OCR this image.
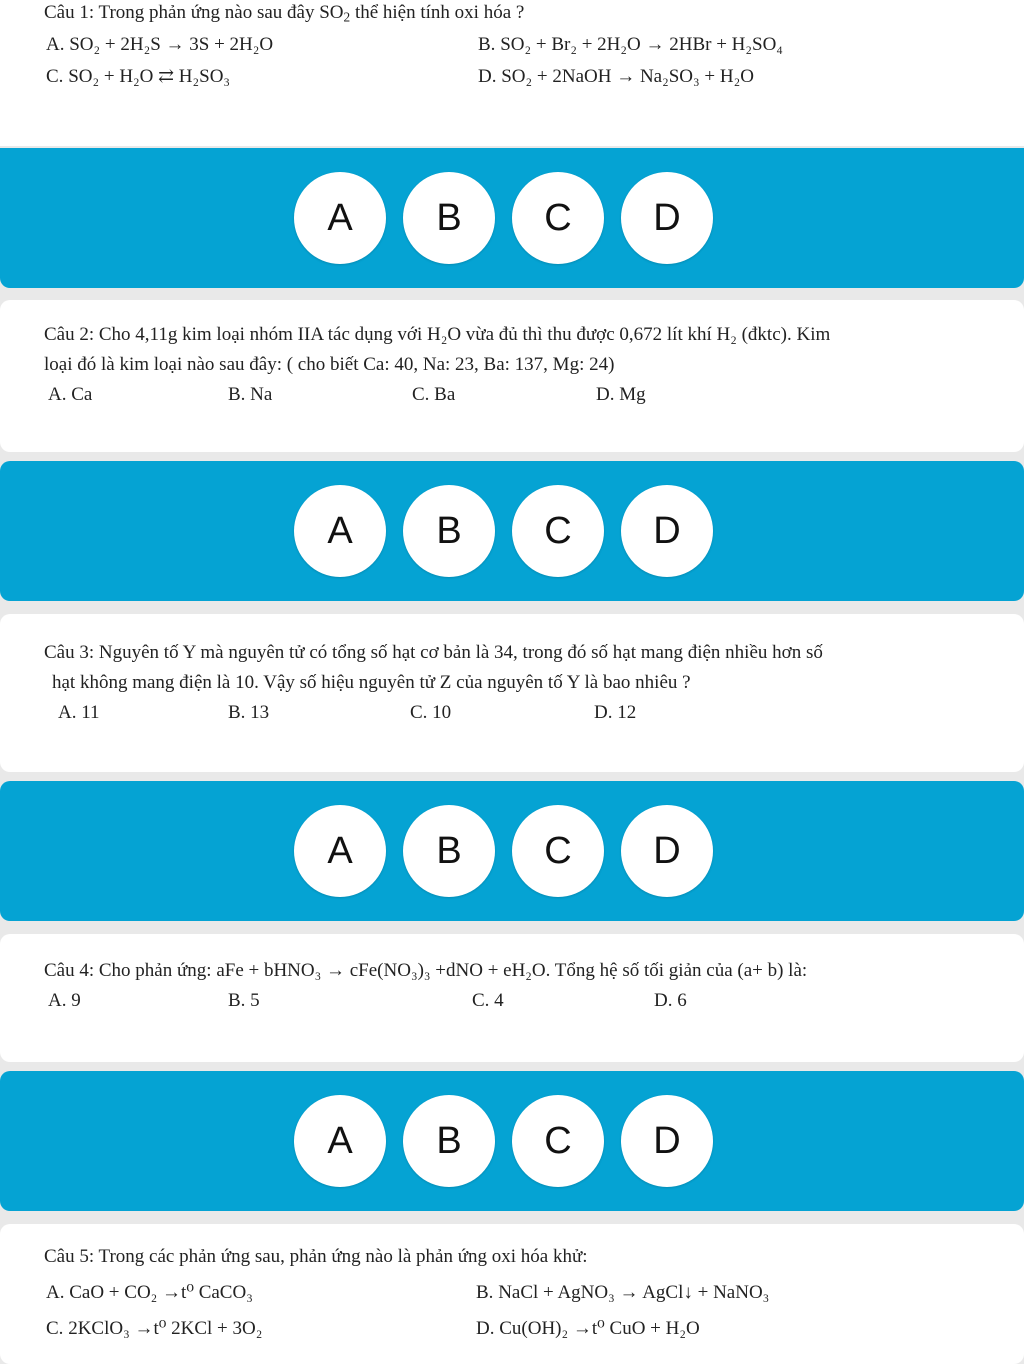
Câu 1: Trong phản ứng nào sau đây $SO_2$ thể hiện tính oxi hóa ?
A. SO₂ + 2H₂S → 3S + 2H₂O	B. SO₂ + Br₂ + 2H₂O → 2HBr + H₂SO₄
C. SO₂ + H₂O ⇄ H₂SO₃	D. SO₂ + 2NaOH → Na₂SO₃ + H₂O
A	B	C	D
Câu 2: Cho 4,11g kim loại nhóm IIA tác dụng với H₂O vừa đủ thì thu được 0,672 lít khí H₂ (đktc). Kim
loại đó là kim loại nào sau đây: ( cho biết Ca: 40, Na: 23, Ba: 137, Mg: 24)
A. Ca	B. Na	C. Ba	D. Mg
A	B	C	D
Câu 3: Nguyên tố Y mà nguyên tử có tổng số hạt cơ bản là 34, trong đó số hạt mang điện nhiều hơn số
hạt không mang điện là 10. Vậy số hiệu nguyên tử Z của nguyên tố Y là bao nhiêu ?
A. 11	B. 13	C. 10	D. 12
A	B	C	D
Câu 4: Cho phản ứng: aFe + bHNO₃ → cFe(NO₃)₃ +dNO + eH₂O. Tổng hệ số tối giản của (a+ b) là:
A. 9	B. 5	C. 4	D. 6
A	B	C	D
Câu 5: Trong các phản ứng sau, phản ứng nào là phản ứng oxi hóa khử:
A. CaO + CO₂ →t⁰ CaCO₃	B. NaCl + AgNO₃ → AgCl↓ + NaNO₃
C. 2KClO₃ →t⁰ 2KCl + 3O₂	D. Cu(OH)₂ →t⁰ CuO + H₂O
